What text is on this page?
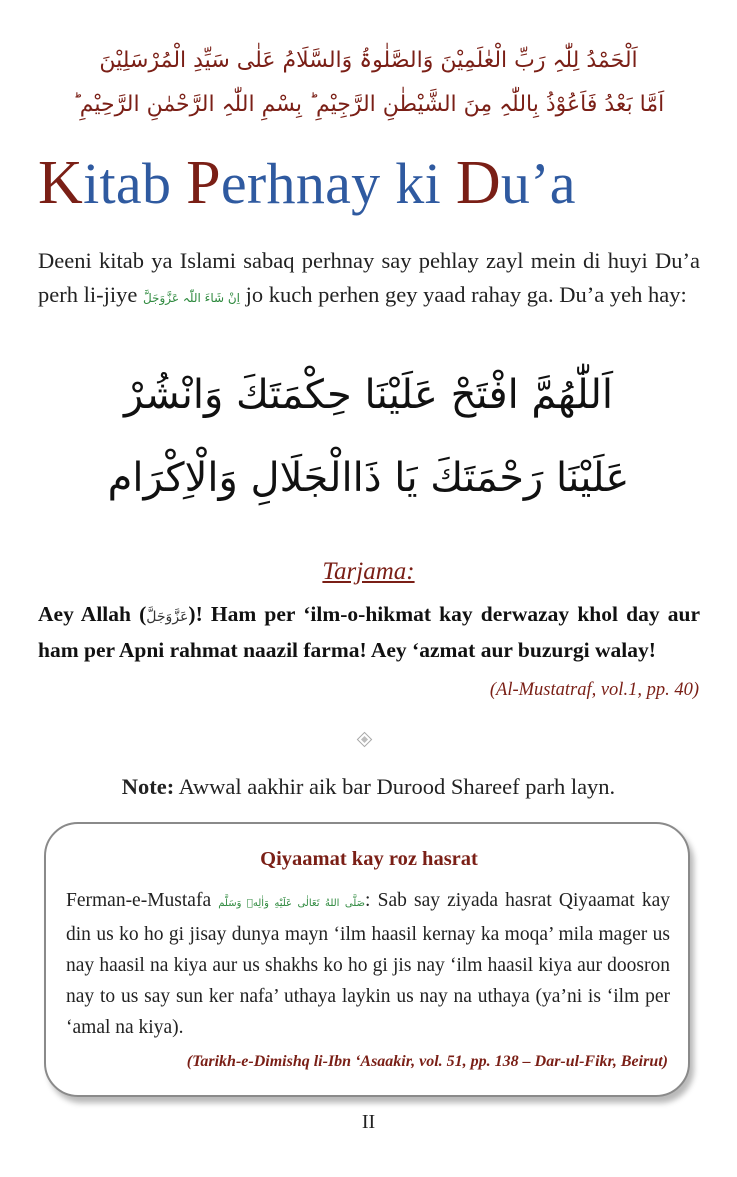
اَلْحَمْدُ لِلّٰہِ رَبِّ الْعٰلَمِیْنَ وَالصَّلٰوۃُ وَالسَّلَامُ عَلٰی سَیِّدِ الْمُرْسَلِیْنَ
اَمَّا بَعْدُ فَاَعُوْذُ بِاللّٰہِ مِنَ الشَّیْطٰنِ الرَّجِیْمِ ؕ بِسْمِ اللّٰہِ الرَّحْمٰنِ الرَّحِیْمِ ؕ
Kitab Perhnay ki Du’a

Deeni kitab ya Islami sabaq perhnay say pehlay zayl mein di huyi Du’a perh li-jiye اِنْ شَاءَ اللّٰہ عَزَّوَجَلَّ jo kuch perhen gey yaad rahay ga. Du’a yeh hay:

اَللّٰھُمَّ افْتَحْ عَلَيْنَا حِكْمَتَكَ وَانْشُرْ
عَلَيْنَا رَحْمَتَكَ يَا ذَاالْجَلَالِ وَالْاِكْرَام
Tarjama:

Aey Allah (عَزَّوَجَلَّ)! Ham per ‘ilm-o-hikmat kay derwazay khol day aur ham per Apni rahmat naazil farma! Aey ‘azmat aur buzurgi walay!

(Al-Mustatraf, vol.1, pp. 40)
Note: Awwal aakhir aik bar Durood Shareef parh layn.
Qiyaamat kay roz hasrat

Ferman-e-Mustafa صَلَّى اللهُ تَعَالٰى عَلَيْهِ وَاٰلِهٖ وَسَلَّم: Sab say ziyada hasrat Qiyaamat kay din us ko ho gi jisay dunya mayn ‘ilm haasil kernay ka moqa’ mila mager us nay haasil na kiya aur us shakhs ko ho gi jis nay ‘ilm haasil kiya aur doosron nay to us say sun ker nafa’ uthaya laykin us nay na uthaya (ya’ni is ‘ilm per ‘amal na kiya).

(Tarikh-e-Dimishq li-Ibn ‘Asaakir, vol. 51, pp. 138 – Dar-ul-Fikr, Beirut)
II
